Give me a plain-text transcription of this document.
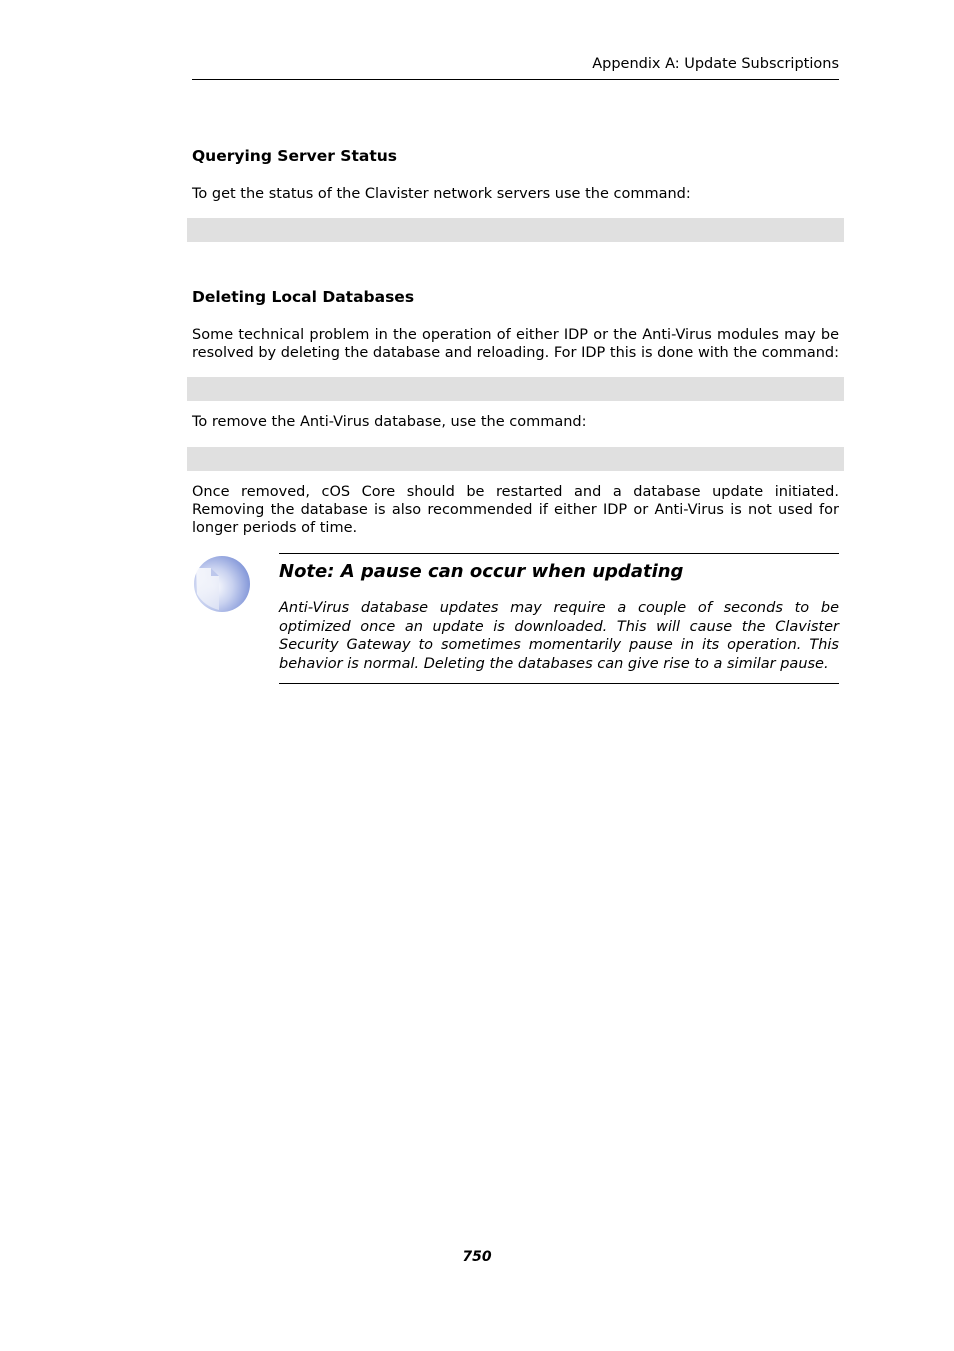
Appendix A: Update Subscriptions
Querying Server Status

To get the status of the Clavister network servers use the command:

Deleting Local Databases

Some technical problem in the operation of either IDP or the Anti-Virus modules may be resolved by deleting the database and reloading. For IDP this is done with the command:

To remove the Anti-Virus database, use the command:

Once removed, cOS Core should be restarted and a database update initiated. Removing the database is also recommended if either IDP or Anti-Virus is not used for longer periods of time.

Note: A pause can occur when updating

Anti-Virus database updates may require a couple of seconds to be optimized once an update is downloaded. This will cause the Clavister Security Gateway to sometimes momentarily pause in its operation. This behavior is normal. Deleting the databases can give rise to a similar pause.

750
